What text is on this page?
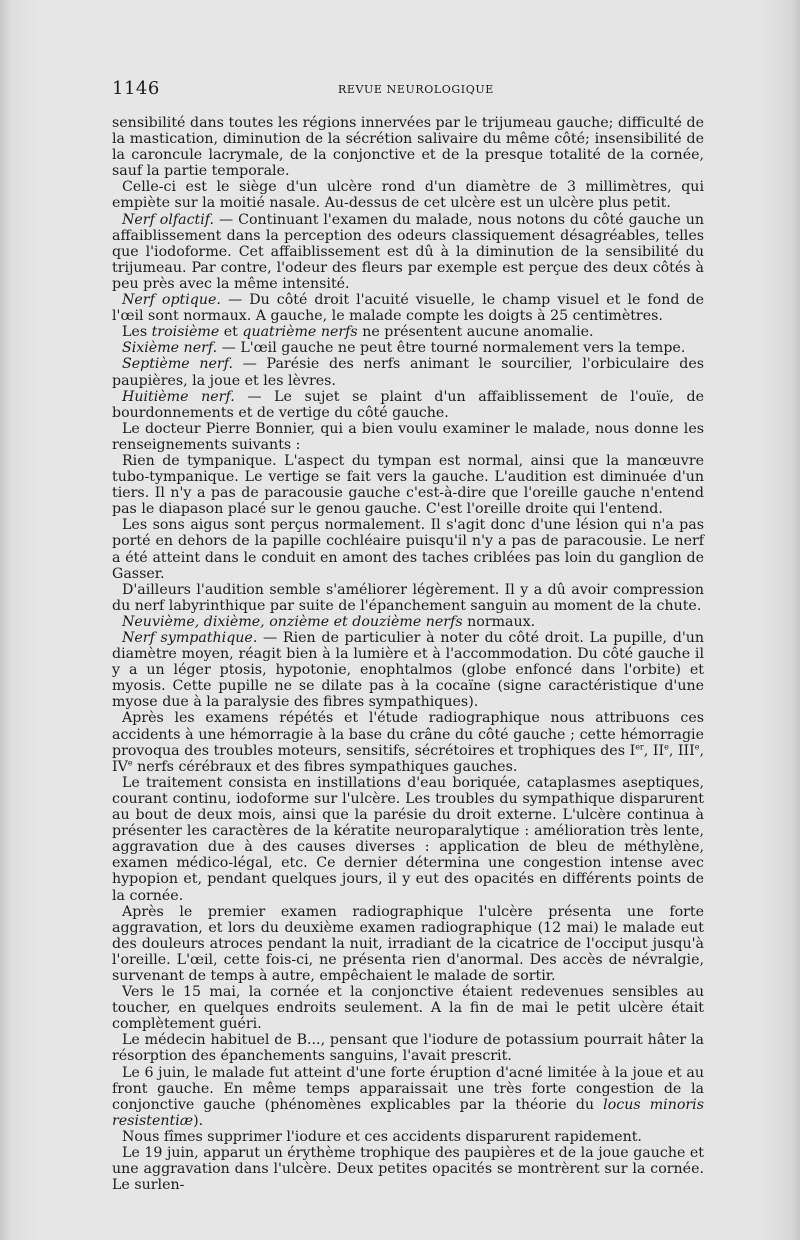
1146	REVUE NEUROLOGIQUE

sensibilité dans toutes les régions innervées par le trijumeau gauche; difficulté de la mastication, diminution de la sécrétion salivaire du même côté; insensibilité de la caroncule lacrymale, de la conjonctive et de la presque totalité de la cornée, sauf la partie temporale.

Celle-ci est le siège d'un ulcère rond d'un diamètre de 3 millimètres, qui empiète sur la moitié nasale. Au-dessus de cet ulcère est un ulcère plus petit.

Nerf olfactif. — Continuant l'examen du malade, nous notons du côté gauche un affaiblissement dans la perception des odeurs classiquement désagréables, telles que l'iodoforme. Cet affaiblissement est dû à la diminution de la sensibilité du trijumeau. Par contre, l'odeur des fleurs par exemple est perçue des deux côtés à peu près avec la même intensité.

Nerf optique. — Du côté droit l'acuité visuelle, le champ visuel et le fond de l'œil sont normaux. A gauche, le malade compte les doigts à 25 centimètres.

Les troisième et quatrième nerfs ne présentent aucune anomalie.

Sixième nerf. — L'œil gauche ne peut être tourné normalement vers la tempe.

Septième nerf. — Parésie des nerfs animant le sourcilier, l'orbiculaire des paupières, la joue et les lèvres.

Huitième nerf. — Le sujet se plaint d'un affaiblissement de l'ouïe, de bourdonnements et de vertige du côté gauche.

Le docteur Pierre Bonnier, qui a bien voulu examiner le malade, nous donne les renseignements suivants :

Rien de tympanique. L'aspect du tympan est normal, ainsi que la manœuvre tubo-tympanique. Le vertige se fait vers la gauche. L'audition est diminuée d'un tiers. Il n'y a pas de paracousie gauche c'est-à-dire que l'oreille gauche n'entend pas le diapason placé sur le genou gauche. C'est l'oreille droite qui l'entend.

Les sons aigus sont perçus normalement. Il s'agit donc d'une lésion qui n'a pas porté en dehors de la papille cochléaire puisqu'il n'y a pas de paracousie. Le nerf a été atteint dans le conduit en amont des taches criblées pas loin du ganglion de Gasser.

D'ailleurs l'audition semble s'améliorer légèrement. Il y a dû avoir compression du nerf labyrinthique par suite de l'épanchement sanguin au moment de la chute.

Neuvième, dixième, onzième et douzième nerfs normaux.

Nerf sympathique. — Rien de particulier à noter du côté droit. La pupille, d'un diamètre moyen, réagit bien à la lumière et à l'accommodation. Du côté gauche il y a un léger ptosis, hypotonie, enophtalmos (globe enfoncé dans l'orbite) et myosis. Cette pupille ne se dilate pas à la cocaïne (signe caractéristique d'une myose due à la paralysie des fibres sympathiques).

Après les examens répétés et l'étude radiographique nous attribuons ces accidents à une hémorragie à la base du crâne du côté gauche ; cette hémorragie provoqua des troubles moteurs, sensitifs, sécrétoires et trophiques des Ier, IIe, IIIe, IVe nerfs cérébraux et des fibres sympathiques gauches.

Le traitement consista en instillations d'eau boriquée, cataplasmes aseptiques, courant continu, iodoforme sur l'ulcère. Les troubles du sympathique disparurent au bout de deux mois, ainsi que la parésie du droit externe. L'ulcère continua à présenter les caractères de la kératite neuroparalytique : amélioration très lente, aggravation due à des causes diverses : application de bleu de méthylène, examen médico-légal, etc. Ce dernier détermina une congestion intense avec hypopion et, pendant quelques jours, il y eut des opacités en différents points de la cornée.

Après le premier examen radiographique l'ulcère présenta une forte aggravation, et lors du deuxième examen radiographique (12 mai) le malade eut des douleurs atroces pendant la nuit, irradiant de la cicatrice de l'occiput jusqu'à l'oreille. L'œil, cette fois-ci, ne présenta rien d'anormal. Des accès de névralgie, survenant de temps à autre, empêchaient le malade de sortir.

Vers le 15 mai, la cornée et la conjonctive étaient redevenues sensibles au toucher, en quelques endroits seulement. A la fin de mai le petit ulcère était complètement guéri.

Le médecin habituel de B..., pensant que l'iodure de potassium pourrait hâter la résorption des épanchements sanguins, l'avait prescrit.

Le 6 juin, le malade fut atteint d'une forte éruption d'acné limitée à la joue et au front gauche. En même temps apparaissait une très forte congestion de la conjonctive gauche (phénomènes explicables par la théorie du locus minoris resistentiæ).

Nous fîmes supprimer l'iodure et ces accidents disparurent rapidement.

Le 19 juin, apparut un érythème trophique des paupières et de la joue gauche et une aggravation dans l'ulcère. Deux petites opacités se montrèrent sur la cornée. Le surlen-
